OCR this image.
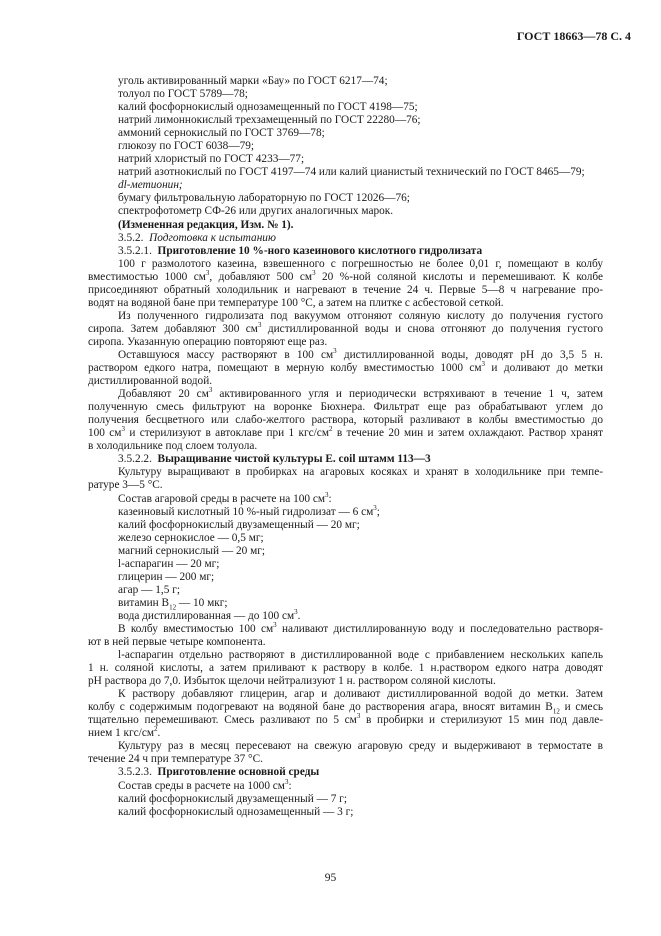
ГОСТ 18663—78 С. 4
уголь активированный марки «Бау» по ГОСТ 6217—74;
толуол по ГОСТ 5789—78;
калий фосфорнокислый однозамещенный по ГОСТ 4198—75;
натрий лимоннокислый трехзамещенный по ГОСТ 22280—76;
аммоний сернокислый по ГОСТ 3769—78;
глюкозу по ГОСТ 6038—79;
натрий хлористый по ГОСТ 4233—77;
натрий азотнокислый по ГОСТ 4197—74 или калий цианистый технический по ГОСТ 8465—79;
dl-метионин;
бумагу фильтровальную лабораторную по ГОСТ 12026—76;
спектрофотометр СФ-26 или других аналогичных марок.
(Измененная редакция, Изм. № 1).
3.5.2. Подготовка к испытанию
3.5.2.1. Приготовление 10 %-ного казеинового кислотного гидролизата
100 г размолотого казеина, взвешенного с погрешностью не более 0,01 г, помещают в колбу
вместимостью 1000 $см^3$, добавляют 500 $см^3$ 20 %-ной соляной кислоты и перемешивают. К колбе
присоединяют обратный холодильник и нагревают в течение 24 ч. Первые 5—8 ч нагревание про-
водят на водяной бане при температуре 100 °С, а затем на плитке с асбестовой сеткой.
Из полученного гидролизата под вакуумом отгоняют соляную кислоту до получения густого
сиропа. Затем добавляют 300 $см^3$ дистиллированной воды и снова отгоняют до получения густого
сиропа. Указанную операцию повторяют еще раз.
Оставшуюся массу растворяют в 100 $см^3$ дистиллированной воды, доводят pH до 3,5 5 н.
раствором едкого натра, помещают в мерную колбу вместимостью 1000 $см^3$ и доливают до метки
дистиллированной водой.
Добавляют 20 $см^3$ активированного угля и периодически встряхивают в течение 1 ч, затем
полученную смесь фильтруют на воронке Бюхнера. Фильтрат еще раз обрабатывают углем до
получения бесцветного или слабо-желтого раствора, который разливают в колбы вместимостью до
100 $см^3$ и стерилизуют в автоклаве при 1 кгс/$см^2$ в течение 20 мин и затем охлаждают. Раствор хранят
в холодильнике под слоем толуола.
3.5.2.2. Выращивание чистой культуры E. coil штамм 113—3
Культуру выращивают в пробирках на агаровых косяках и хранят в холодильнике при темпе-
ратуре 3—5 °С.
Состав агаровой среды в расчете на 100 $см^3$:
казеиновый кислотный 10 %-ный гидролизат — 6 $см^3$;
калий фосфорнокислый двузамещенный — 20 мг;
железо сернокислое — 0,5 мг;
магний сернокислый — 20 мг;
l-аспарагин — 20 мг;
глицерин — 200 мг;
агар — 1,5 г;
витамин $B_{12}$ — 10 мкг;
вода дистиллированная — до 100 $см^3$.
В колбу вместимостью 100 $см^3$ наливают дистиллированную воду и последовательно растворя-
ют в ней первые четыре компонента.
l-аспарагин отдельно растворяют в дистиллированной воде с прибавлением нескольких капель
1 н. соляной кислоты, а затем приливают к раствору в колбе. 1 н.раствором едкого натра доводят
pH раствора до 7,0. Избыток щелочи нейтрализуют 1 н. раствором соляной кислоты.
К раствору добавляют глицерин, агар и доливают дистиллированной водой до метки. Затем
колбу с содержимым подогревают на водяной бане до растворения агара, вносят витамин $B_{12}$ и смесь
тщательно перемешивают. Смесь разливают по 5 $см^3$ в пробирки и стерилизуют 15 мин под давле-
нием 1 кгс/$см^2$.
Культуру раз в месяц пересевают на свежую агаровую среду и выдерживают в термостате в
течение 24 ч при температуре 37 °С.
3.5.2.3. Приготовление основной среды
Состав среды в расчете на 1000 $см^3$:
калий фосфорнокислый двузамещенный — 7 г;
калий фосфорнокислый однозамещенный — 3 г;
95
